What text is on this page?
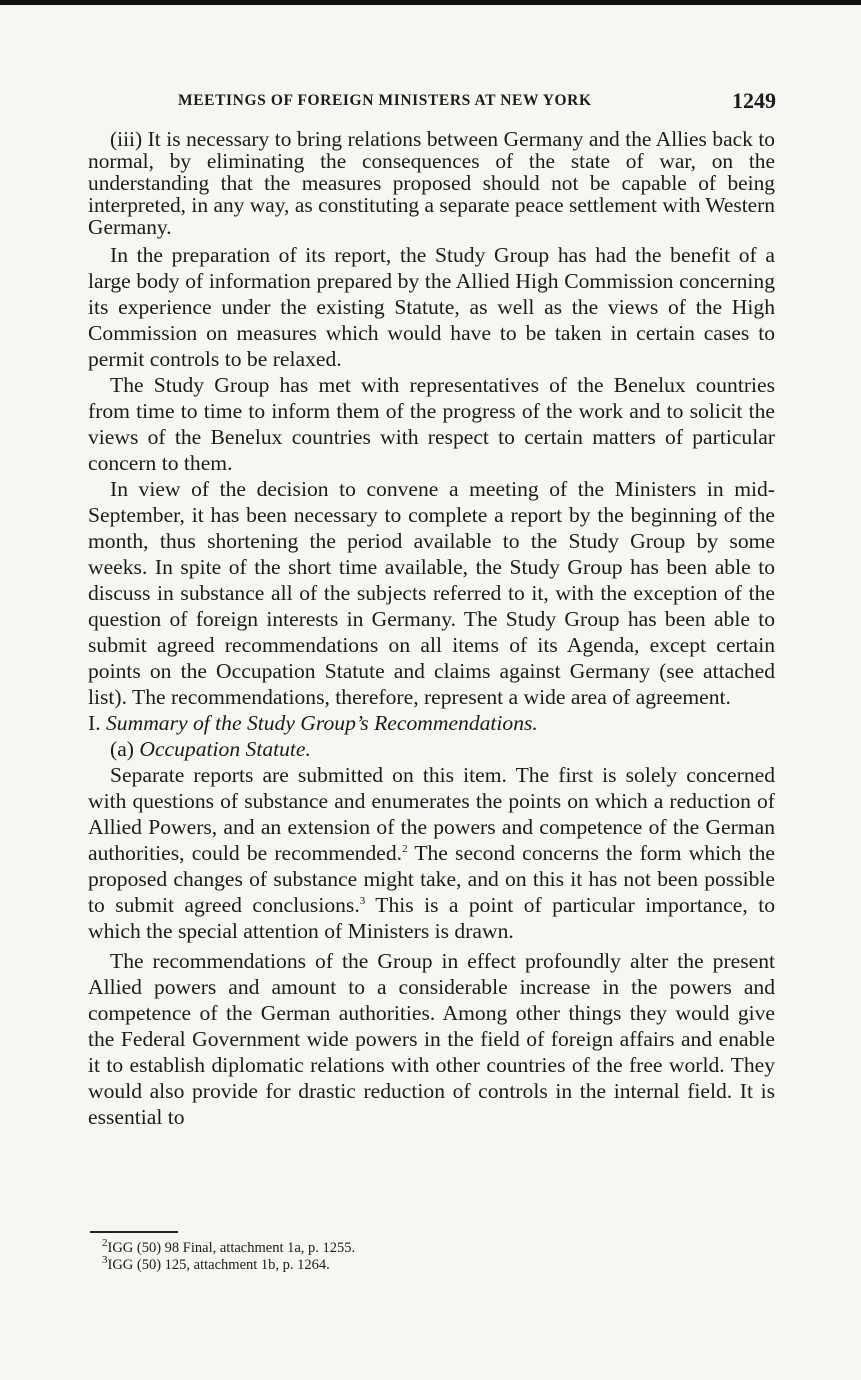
MEETINGS OF FOREIGN MINISTERS AT NEW YORK	1249

(iii) It is necessary to bring relations between Germany and the Allies back to normal, by eliminating the consequences of the state of war, on the understanding that the measures proposed should not be capable of being interpreted, in any way, as constituting a separate peace settlement with Western Germany.

In the preparation of its report, the Study Group has had the benefit of a large body of information prepared by the Allied High Commission concerning its experience under the existing Statute, as well as the views of the High Commission on measures which would have to be taken in certain cases to permit controls to be relaxed.

The Study Group has met with representatives of the Benelux countries from time to time to inform them of the progress of the work and to solicit the views of the Benelux countries with respect to certain matters of particular concern to them.

In view of the decision to convene a meeting of the Ministers in mid-September, it has been necessary to complete a report by the beginning of the month, thus shortening the period available to the Study Group by some weeks. In spite of the short time available, the Study Group has been able to discuss in substance all of the subjects referred to it, with the exception of the question of foreign interests in Germany. The Study Group has been able to submit agreed recommendations on all items of its Agenda, except certain points on the Occupation Statute and claims against Germany (see attached list). The recommendations, therefore, represent a wide area of agreement.

I. Summary of the Study Group’s Recommendations.

(a) Occupation Statute.

Separate reports are submitted on this item. The first is solely concerned with questions of substance and enumerates the points on which a reduction of Allied Powers, and an extension of the powers and competence of the German authorities, could be recommended.$^2$ The second concerns the form which the proposed changes of substance might take, and on this it has not been possible to submit agreed conclusions.$^3$ This is a point of particular importance, to which the special attention of Ministers is drawn.

The recommendations of the Group in effect profoundly alter the present Allied powers and amount to a considerable increase in the powers and competence of the German authorities. Among other things they would give the Federal Government wide powers in the field of foreign affairs and enable it to establish diplomatic relations with other countries of the free world. They would also provide for drastic reduction of controls in the internal field. It is essential to

$^2$IGG (50) 98 Final, attachment 1a, p. 1255.
$^3$IGG (50) 125, attachment 1b, p. 1264.
